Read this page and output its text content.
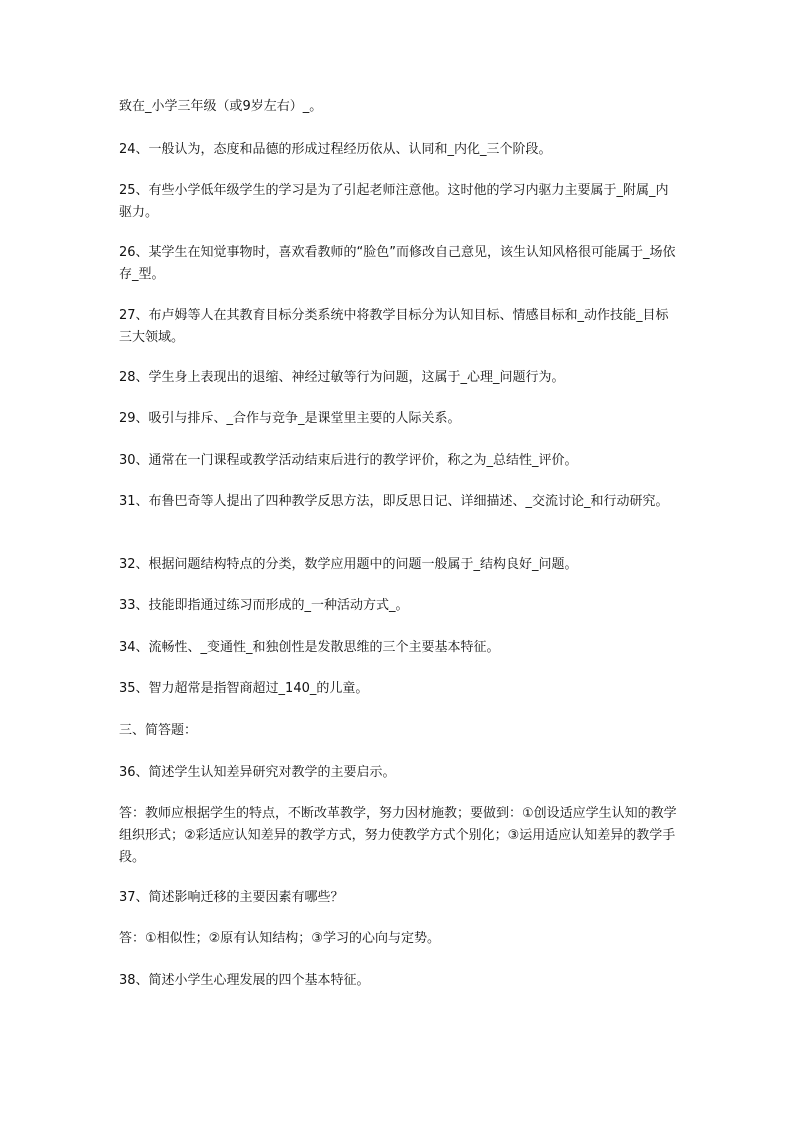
致在_小学三年级（或9岁左右）_。

24、一般认为，态度和品德的形成过程经历依从、认同和_内化_三个阶段。

25、有些小学低年级学生的学习是为了引起老师注意他。这时他的学习内驱力主要属于_附属_内驱力。

26、某学生在知觉事物时，喜欢看教师的“脸色”而修改自己意见，该生认知风格很可能属于_场依存_型。

27、布卢姆等人在其教育目标分类系统中将教学目标分为认知目标、情感目标和_动作技能_目标三大领域。

28、学生身上表现出的退缩、神经过敏等行为问题，这属于_心理_问题行为。

29、吸引与排斥、_合作与竞争_是课堂里主要的人际关系。

30、通常在一门课程或教学活动结束后进行的教学评价，称之为_总结性_评价。

31、布鲁巴奇等人提出了四种教学反思方法，即反思日记、详细描述、_交流讨论_和行动研究。

32、根据问题结构特点的分类，数学应用题中的问题一般属于_结构良好_问题。

33、技能即指通过练习而形成的_一种活动方式_。

34、流畅性、_变通性_和独创性是发散思维的三个主要基本特征。

35、智力超常是指智商超过_140_的儿童。

三、简答题：

36、简述学生认知差异研究对教学的主要启示。

答：教师应根据学生的特点，不断改革教学，努力因材施教；要做到：①创设适应学生认知的教学组织形式；②彩适应认知差异的教学方式，努力使教学方式个别化；③运用适应认知差异的教学手段。

37、简述影响迁移的主要因素有哪些？

答：①相似性；②原有认知结构；③学习的心向与定势。

38、简述小学生心理发展的四个基本特征。
